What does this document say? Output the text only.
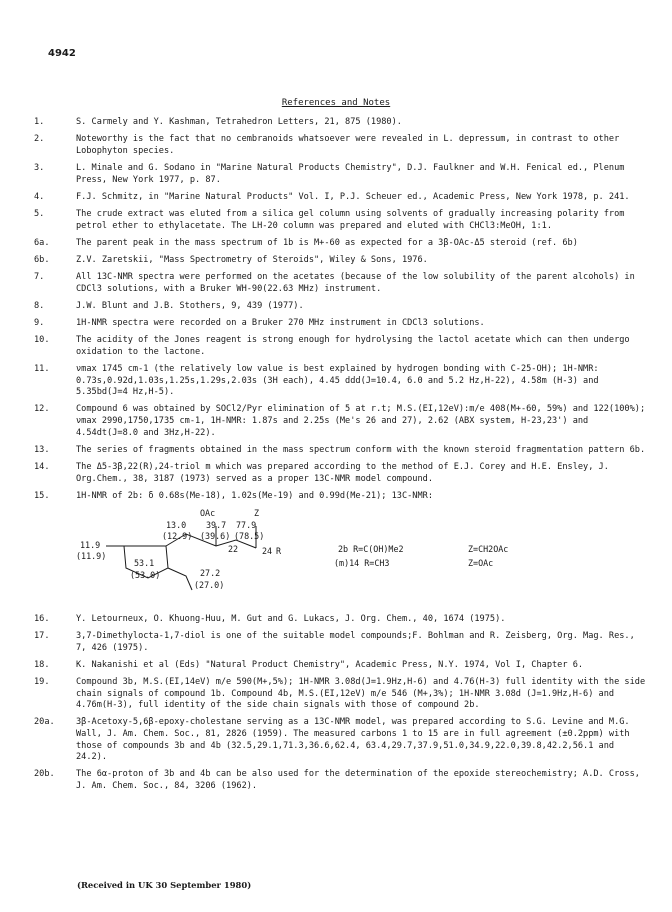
4942
References and Notes
1.	S. Carmely and Y. Kashman, Tetrahedron Letters, 21, 875 (1980).
2.	Noteworthy is the fact that no cembranoids whatsoever were revealed in L. depressum, in contrast to other Lobophyton species.
3.	L. Minale and G. Sodano in "Marine Natural Products Chemistry", D.J. Faulkner and W.H. Fenical ed., Plenum Press, New York 1977, p. 87.
4.	F.J. Schmitz, in "Marine Natural Products" Vol. I, P.J. Scheuer ed., Academic Press, New York 1978, p. 241.
5.	The crude extract was eluted from a silica gel column using solvents of gradually increasing polarity from petrol ether to ethylacetate. The LH-20 column was prepared and eluted with CHCl3:MeOH, 1:1.
6a.	The parent peak in the mass spectrum of 1b is M+-60 as expected for a 3β-OAc-Δ5 steroid (ref. 6b)
6b.	Z.V. Zaretskii, "Mass Spectrometry of Steroids", Wiley & Sons, 1976.
7.	All 13C-NMR spectra were performed on the acetates (because of the low solubility of the parent alcohols) in CDCl3 solutions, with a Bruker WH-90(22.63 MHz) instrument.
8.	J.W. Blunt and J.B. Stothers, 9, 439 (1977).
9.	1H-NMR spectra were recorded on a Bruker 270 MHz instrument in CDCl3 solutions.
10.	The acidity of the Jones reagent is strong enough for hydrolysing the lactol acetate which can then undergo oxidation to the lactone.
11.	νmax 1745 cm-1 (the relatively low value is best explained by hydrogen bonding with C-25-OH); 1H-NMR: 0.73s,0.92d,1.03s,1.25s,1.29s,2.03s (3H each), 4.45 ddd(J=10.4, 6.0 and 5.2 Hz,H-22), 4.58m (H-3) and 5.35bd(J=4 Hz,H-5).
12.	Compound 6 was obtained by SOCl2/Pyr elimination of 5 at r.t; M.S.(EI,12eV):m/e 408(M+-60, 59%) and 122(100%); νmax 2990,1750,1735 cm-1, 1H-NMR: 1.87s and 2.25s (Me's 26 and 27), 2.62 (ABX system, H-23,23') and 4.54dt(J=8.0 and 3Hz,H-22).
13.	The series of fragments obtained in the mass spectrum conform with the known steroid fragmentation pattern 6b.
14.	The Δ5-3β,22(R),24-triol m which was prepared according to the method of E.J. Corey and H.E. Ensley, J. Org.Chem., 38, 3187 (1973) served as a proper 13C-NMR model compound.
15.	1H-NMR of 2b: δ 0.68s(Me-18), 1.02s(Me-19) and 0.99d(Me-21); 13C-NMR:
OAc	Z
13.0 39.7 77.9
(12.9) (39.6) (78.5)
11.9	22	24 R
(11.9)
53.1
27.2
(53.0)
(27.0)
2b R=C(OH)Me2	Z=CH2OAc
(m)14 R=CH3	Z=OAc
16.	Y. Letourneux, O. Khuong-Huu, M. Gut and G. Lukacs, J. Org. Chem., 40, 1674 (1975).
17.	3,7-Dimethylocta-1,7-diol is one of the suitable model compounds;F. Bohlman and R. Zeisberg, Org. Mag. Res., 7, 426 (1975).
18.	K. Nakanishi et al (Eds) "Natural Product Chemistry", Academic Press, N.Y. 1974, Vol I, Chapter 6.
19.	Compound 3b, M.S.(EI,14eV) m/e 590(M+,5%); 1H-NMR 3.08d(J=1.9Hz,H-6) and 4.76(H-3) full identity with the side chain signals of compound 1b. Compound 4b, M.S.(EI,12eV) m/e 546 (M+,3%); 1H-NMR 3.08d (J=1.9Hz,H-6) and 4.76m(H-3), full identity of the side chain signals with those of compound 2b.
20a.	3β-Acetoxy-5,6β-epoxy-cholestane serving as a 13C-NMR model, was prepared according to S.G. Levine and M.G. Wall, J. Am. Chem. Soc., 81, 2826 (1959). The measured carbons 1 to 15 are in full agreement (±0.2ppm) with those of compounds 3b and 4b (32.5,29.1,71.3,36.6,62.4, 63.4,29.7,37.9,51.0,34.9,22.0,39.8,42.2,56.1 and 24.2).
20b.	The 6α-proton of 3b and 4b can be also used for the determination of the epoxide stereochemistry; A.D. Cross, J. Am. Chem. Soc., 84, 3206 (1962).
(Received in UK 30 September 1980)
